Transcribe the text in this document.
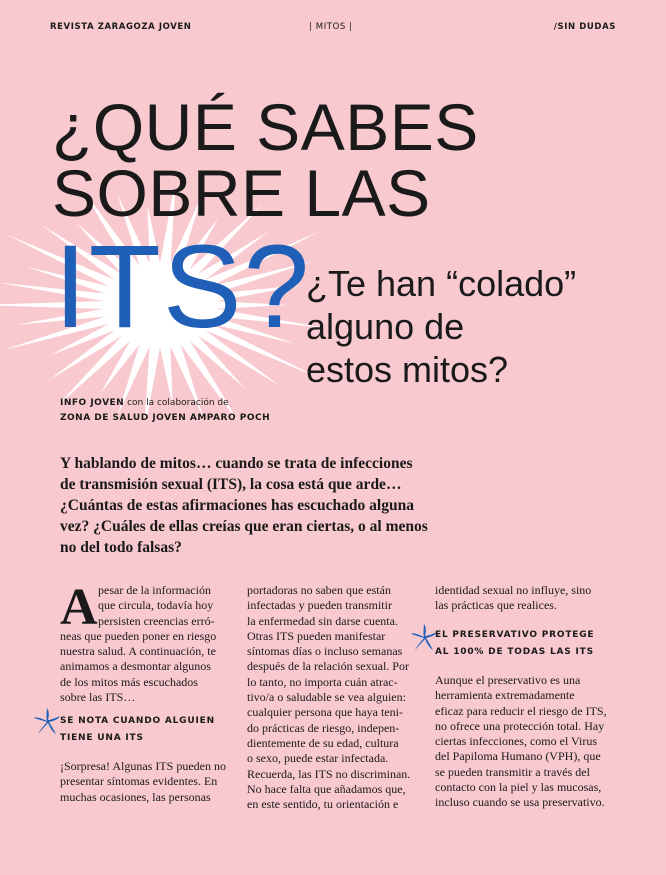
REVISTA ZARAGOZA JOVEN	| MITOS |	/SIN DUDAS
¿QUÉ SABES
SOBRE LAS
ITS?
¿Te han “colado”
alguno de
estos mitos?
INFO JOVEN con la colaboración de
ZONA DE SALUD JOVEN AMPARO POCH
Y hablando de mitos… cuando se trata de infecciones
de transmisión sexual (ITS), la cosa está que arde…
¿Cuántas de estas afirmaciones has escuchado alguna
vez? ¿Cuáles de ellas creías que eran ciertas, o al menos
no del todo falsas?
A pesar de la información
que circula, todavía hoy
persisten creencias erró-
neas que pueden poner en riesgo
nuestra salud. A continuación, te
animamos a desmontar algunos
de los mitos más escuchados
sobre las ITS…
SE NOTA CUANDO ALGUIEN
TIENE UNA ITS
¡Sorpresa! Algunas ITS pueden no
presentar síntomas evidentes. En
muchas ocasiones, las personas
portadoras no saben que están
infectadas y pueden transmitir
la enfermedad sin darse cuenta.
Otras ITS pueden manifestar
síntomas días o incluso semanas
después de la relación sexual. Por
lo tanto, no importa cuán atrac-
tivo/a o saludable se vea alguien:
cualquier persona que haya teni-
do prácticas de riesgo, indepen-
dientemente de su edad, cultura
o sexo, puede estar infectada.
Recuerda, las ITS no discriminan.
No hace falta que añadamos que,
en este sentido, tu orientación e
identidad sexual no influye, sino
las prácticas que realices.
EL PRESERVATIVO PROTEGE
AL 100% DE TODAS LAS ITS
Aunque el preservativo es una
herramienta extremadamente
eficaz para reducir el riesgo de ITS,
no ofrece una protección total. Hay
ciertas infecciones, como el Virus
del Papiloma Humano (VPH), que
se pueden transmitir a través del
contacto con la piel y las mucosas,
incluso cuando se usa preservativo.
